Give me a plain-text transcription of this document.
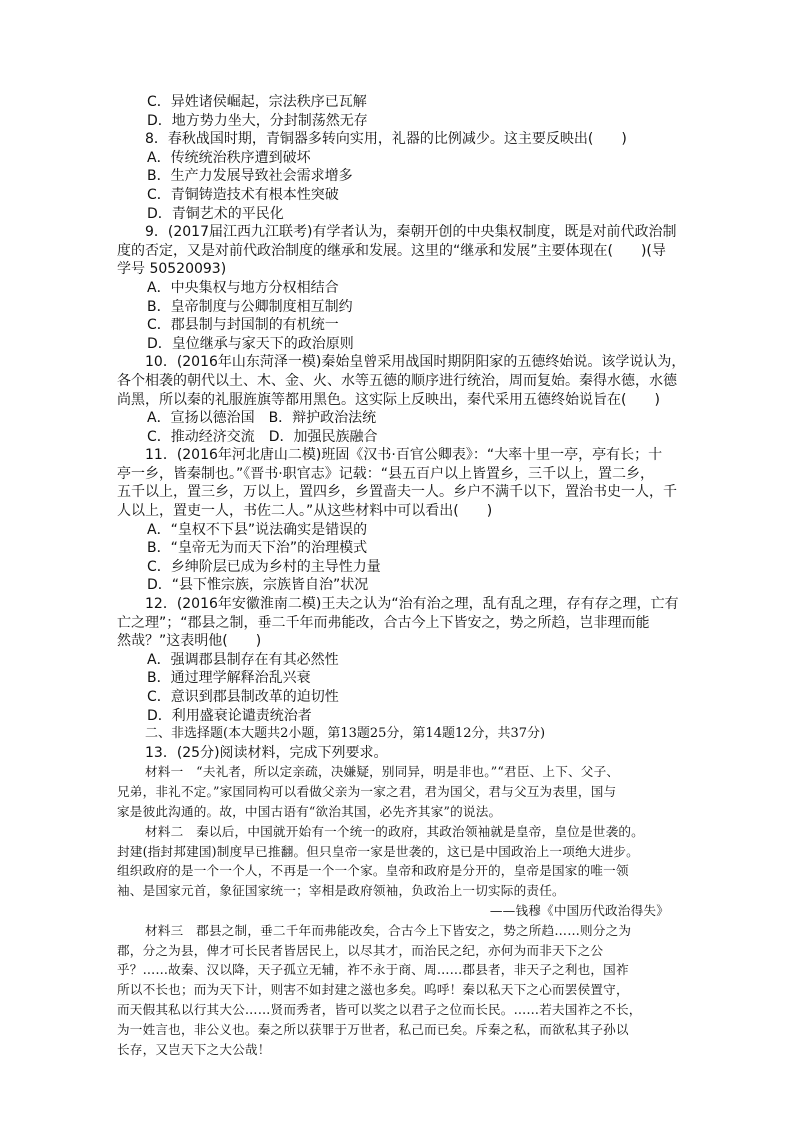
C．异姓诸侯崛起，宗法秩序已瓦解
D．地方势力坐大，分封制荡然无存
8．春秋战国时期，青铜器多转向实用，礼器的比例减少。这主要反映出(　　)
A．传统统治秩序遭到破坏
B．生产力发展导致社会需求增多
C．青铜铸造技术有根本性突破
D．青铜艺术的平民化
9．(2017届江西九江联考)有学者认为，秦朝开创的中央集权制度，既是对前代政治制
度的否定，又是对前代政治制度的继承和发展。这里的“继承和发展”主要体现在(　　)(导
学号 50520093)
A．中央集权与地方分权相结合
B．皇帝制度与公卿制度相互制约
C．郡县制与封国制的有机统一
D．皇位继承与家天下的政治原则
10．(2016年山东菏泽一模)秦始皇曾采用战国时期阴阳家的五德终始说。该学说认为，
各个相袭的朝代以土、木、金、火、水等五德的顺序进行统治，周而复始。秦得水德，水德
尚黑，所以秦的礼服旌旗等都用黑色。这实际上反映出，秦代采用五德终始说旨在(　　)
A．宣扬以德治国　B．辩护政治法统
C．推动经济交流　D．加强民族融合
11．(2016年河北唐山二模)班固《汉书·百官公卿表》：“大率十里一亭，亭有长；十
亭一乡，皆秦制也。”《晋书·职官志》记载：“县五百户以上皆置乡，三千以上，置二乡，
五千以上，置三乡，万以上，置四乡，乡置啬夫一人。乡户不满千以下，置治书史一人，千
人以上，置吏一人，书佐二人。”从这些材料中可以看出(　　)
A．“皇权不下县”说法确实是错误的
B．“皇帝无为而天下治”的治理模式
C．乡绅阶层已成为乡村的主导性力量
D．“县下惟宗族，宗族皆自治”状况
12．(2016年安徽淮南二模)王夫之认为“治有治之理，乱有乱之理，存有存之理，亡有
亡之理”；“郡县之制，垂二千年而弗能改，合古今上下皆安之，势之所趋，岂非理而能
然哉？”这表明他(　　)
A．强调郡县制存在有其必然性
B．通过理学解释治乱兴衰
C．意识到郡县制改革的迫切性
D．利用盛衰论谴责统治者
二、非选择题(本大题共2小题，第13题25分，第14题12分，共37分)
13．(25分)阅读材料，完成下列要求。
材料一　“夫礼者，所以定亲疏，决嫌疑，别同异，明是非也。”“君臣、上下、父子、
兄弟，非礼不定。”家国同构可以看做父亲为一家之君，君为国父，君与父互为表里，国与
家是彼此沟通的。故，中国古语有“欲治其国，必先齐其家”的说法。
材料二　秦以后，中国就开始有一个统一的政府，其政治领袖就是皇帝，皇位是世袭的。
封建(指封邦建国)制度早已推翻。但只皇帝一家是世袭的，这已是中国政治上一项绝大进步。
组织政府的是一个一个人，不再是一个一个家。皇帝和政府是分开的，皇帝是国家的唯一领
袖、是国家元首，象征国家统一；宰相是政府领袖，负政治上一切实际的责任。
——钱穆《中国历代政治得失》
材料三　郡县之制，垂二千年而弗能改矣，合古今上下皆安之，势之所趋……则分之为
郡，分之为县，俾才可长民者皆居民上，以尽其才，而治民之纪，亦何为而非天下之公
乎？……故秦、汉以降，天子孤立无辅，祚不永于商、周……郡县者，非天子之利也，国祚
所以不长也；而为天下计，则害不如封建之滋也多矣。呜呼！秦以私天下之心而罢侯置守，
而天假其私以行其大公……贤而秀者，皆可以奖之以君子之位而长民。……若夫国祚之不长，
为一姓言也，非公义也。秦之所以获罪于万世者，私己而已矣。斥秦之私，而欲私其子孙以
长存，又岂天下之大公哉！
